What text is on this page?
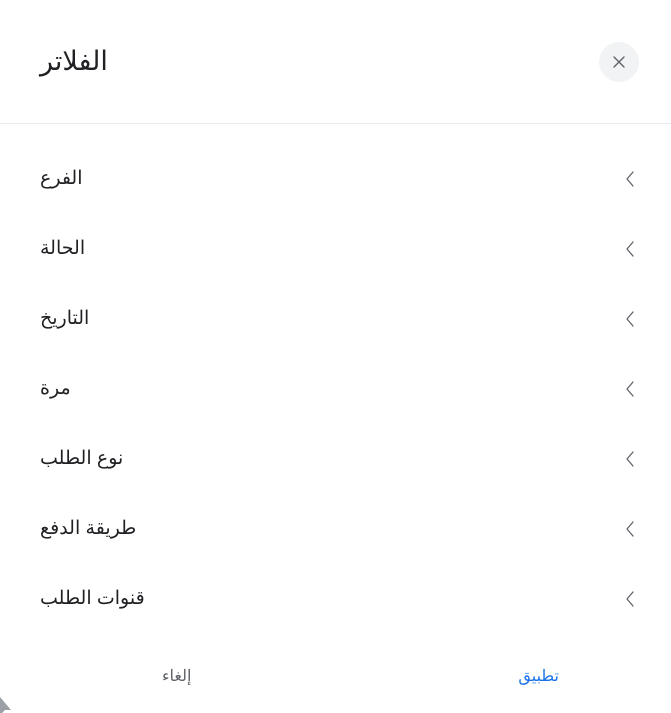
الفلاتر
الفرع
الحالة
التاريخ
مرة
نوع الطلب
طريقة الدفع
قنوات الطلب
تطبيق
إلغاء
